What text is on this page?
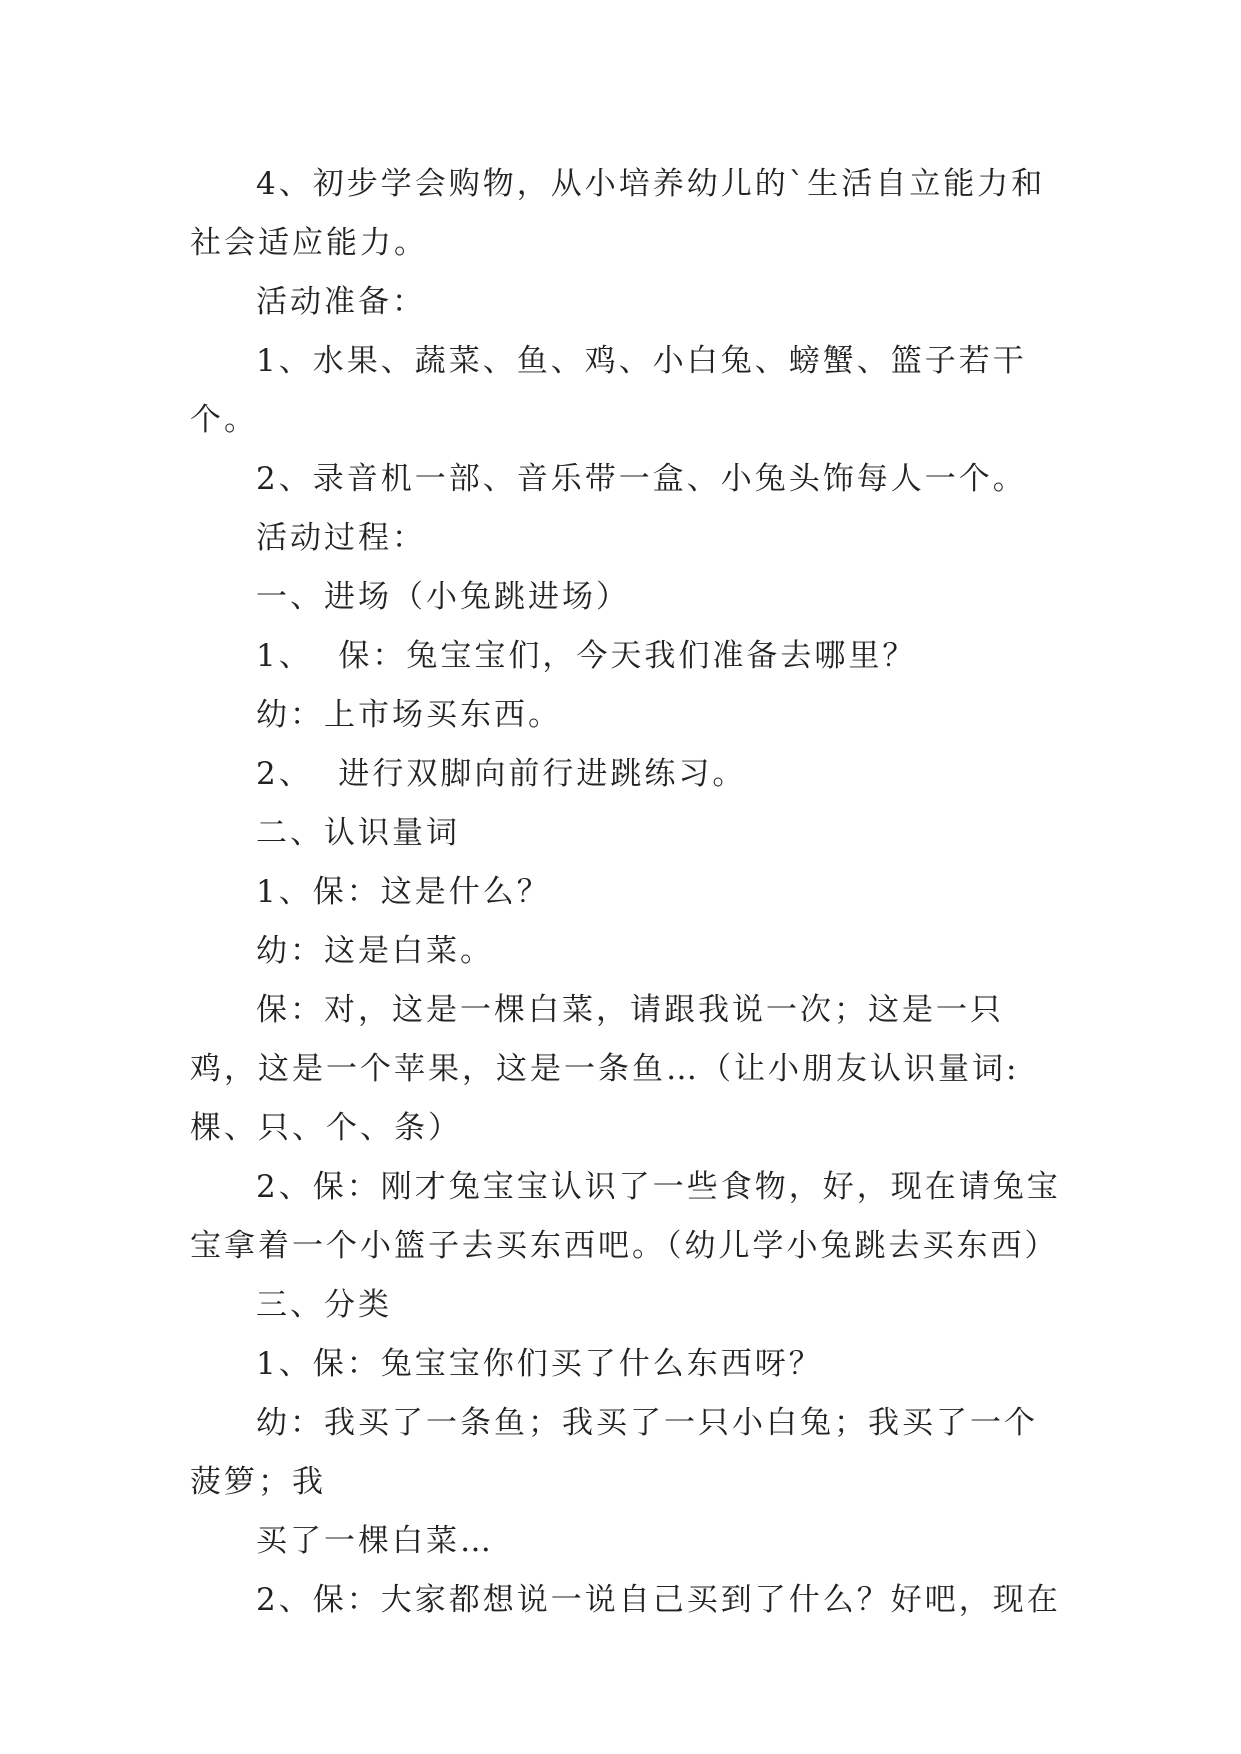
4、初步学会购物，从小培养幼儿的`生活自立能力和社会适应能力。

活动准备：

1、水果、蔬菜、鱼、鸡、小白兔、螃蟹、篮子若干个。

2、录音机一部、音乐带一盒、小兔头饰每人一个。

活动过程：

一、进场（小兔跳进场）

1、  保：兔宝宝们，今天我们准备去哪里？

幼：上市场买东西。

2、  进行双脚向前行进跳练习。

二、认识量词

1、保：这是什么？

幼：这是白菜。

保：对，这是一棵白菜，请跟我说一次；这是一只鸡，这是一个苹果，这是一条鱼…（让小朋友认识量词:棵、只、个、条）

2、保：刚才兔宝宝认识了一些食物，好，现在请兔宝宝拿着一个小篮子去买东西吧。（幼儿学小兔跳去买东西）

三、分类

1、保：兔宝宝你们买了什么东西呀？

幼：我买了一条鱼；我买了一只小白兔；我买了一个菠箩；我

买了一棵白菜…

2、保：大家都想说一说自己买到了什么？好吧，现在
